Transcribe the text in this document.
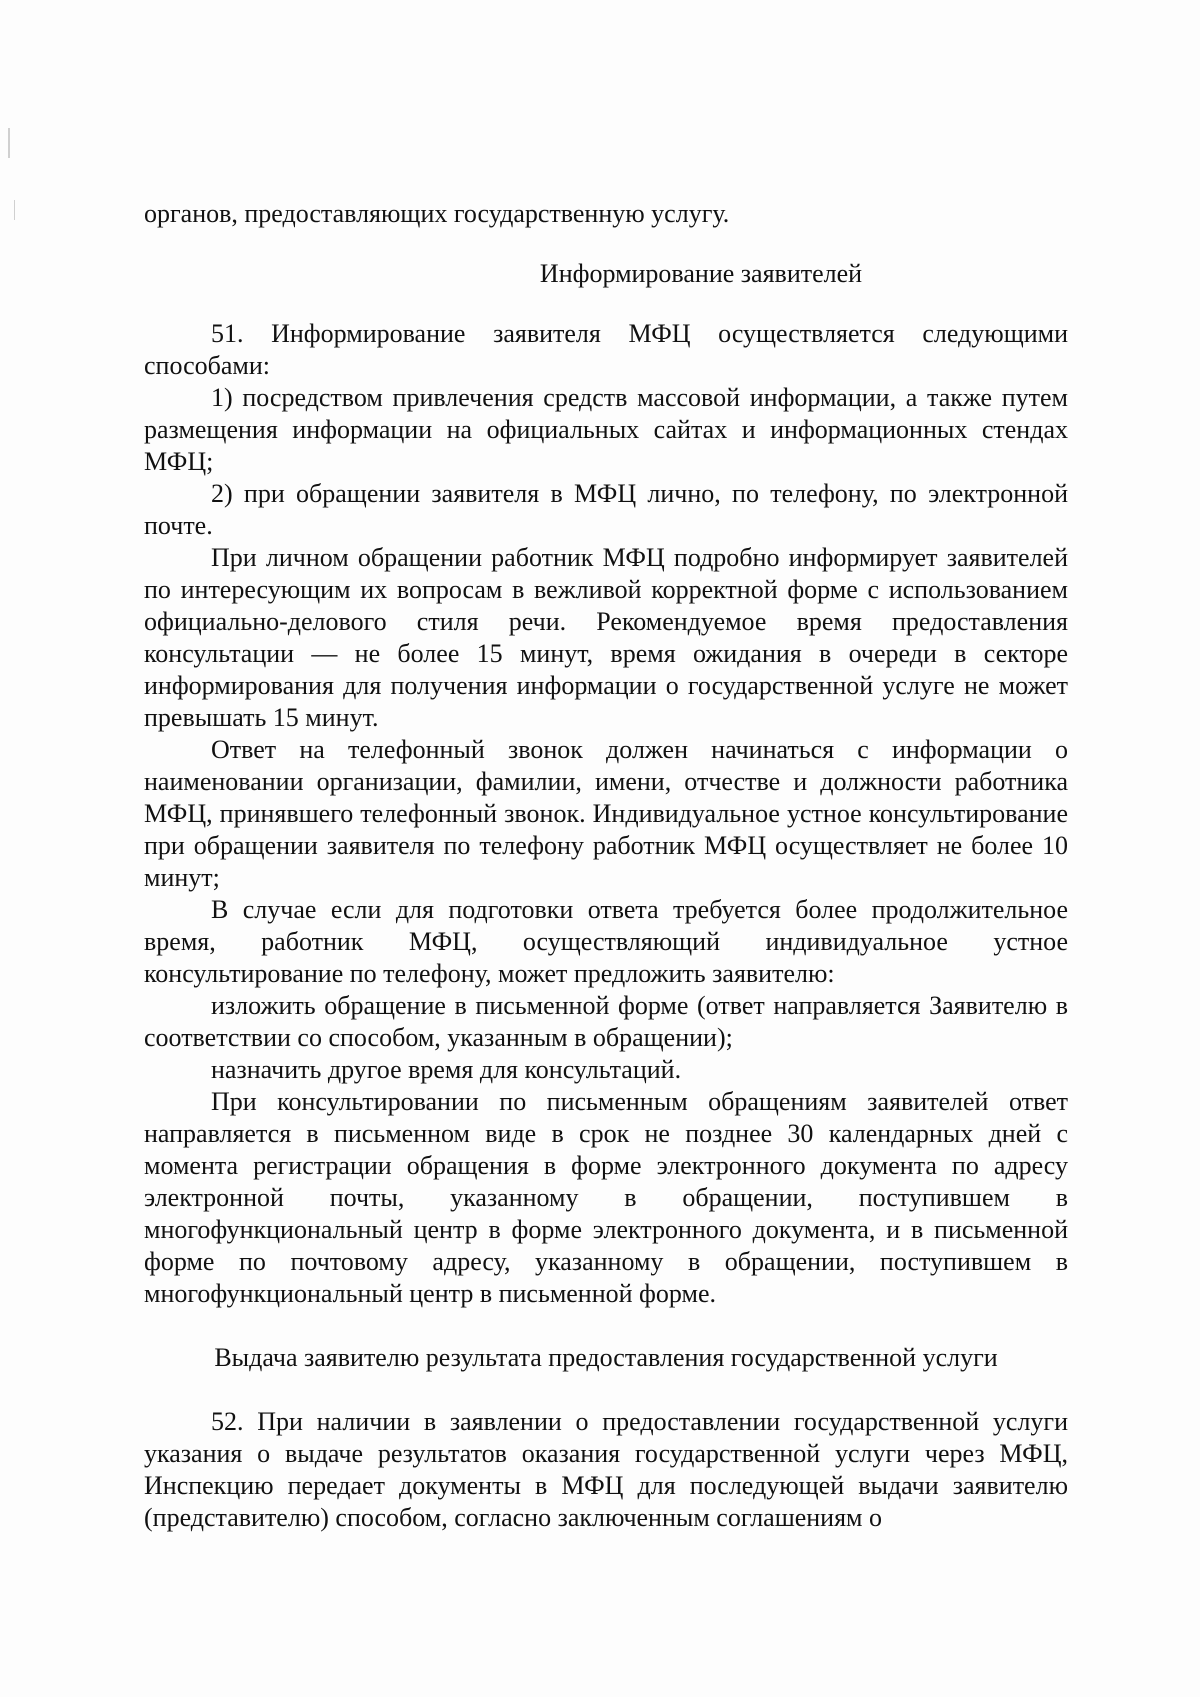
органов, предоставляющих государственную услугу.

Информирование заявителей

51. Информирование заявителя МФЦ осуществляется следующими способами:

1) посредством привлечения средств массовой информации, а также путем размещения информации на официальных сайтах и информационных стендах МФЦ;

2) при обращении заявителя в МФЦ лично, по телефону, по электронной почте.

При личном обращении работник МФЦ подробно информирует заявителей по интересующим их вопросам в вежливой корректной форме с использованием официально-делового стиля речи. Рекомендуемое время предоставления консультации — не более 15 минут, время ожидания в очереди в секторе информирования для получения информации о государственной услуге не может превышать 15 минут.

Ответ на телефонный звонок должен начинаться с информации о наименовании организации, фамилии, имени, отчестве и должности работника МФЦ, принявшего телефонный звонок. Индивидуальное устное консультирование при обращении заявителя по телефону работник МФЦ осуществляет не более 10 минут;

В случае если для подготовки ответа требуется более продолжительное время, работник МФЦ, осуществляющий индивидуальное устное консультирование по телефону, может предложить заявителю:

изложить обращение в письменной форме (ответ направляется Заявителю в соответствии со способом, указанным в обращении);

назначить другое время для консультаций.

При консультировании по письменным обращениям заявителей ответ направляется в письменном виде в срок не позднее 30 календарных дней с момента регистрации обращения в форме электронного документа по адресу электронной почты, указанному в обращении, поступившем в многофункциональный центр в форме электронного документа, и в письменной форме по почтовому адресу, указанному в обращении, поступившем в многофункциональный центр в письменной форме.

Выдача заявителю результата предоставления государственной услуги

52. При наличии в заявлении о предоставлении государственной услуги указания о выдаче результатов оказания государственной услуги через МФЦ, Инспекцию передает документы в МФЦ для последующей выдачи заявителю (представителю) способом, согласно заключенным соглашениям о
